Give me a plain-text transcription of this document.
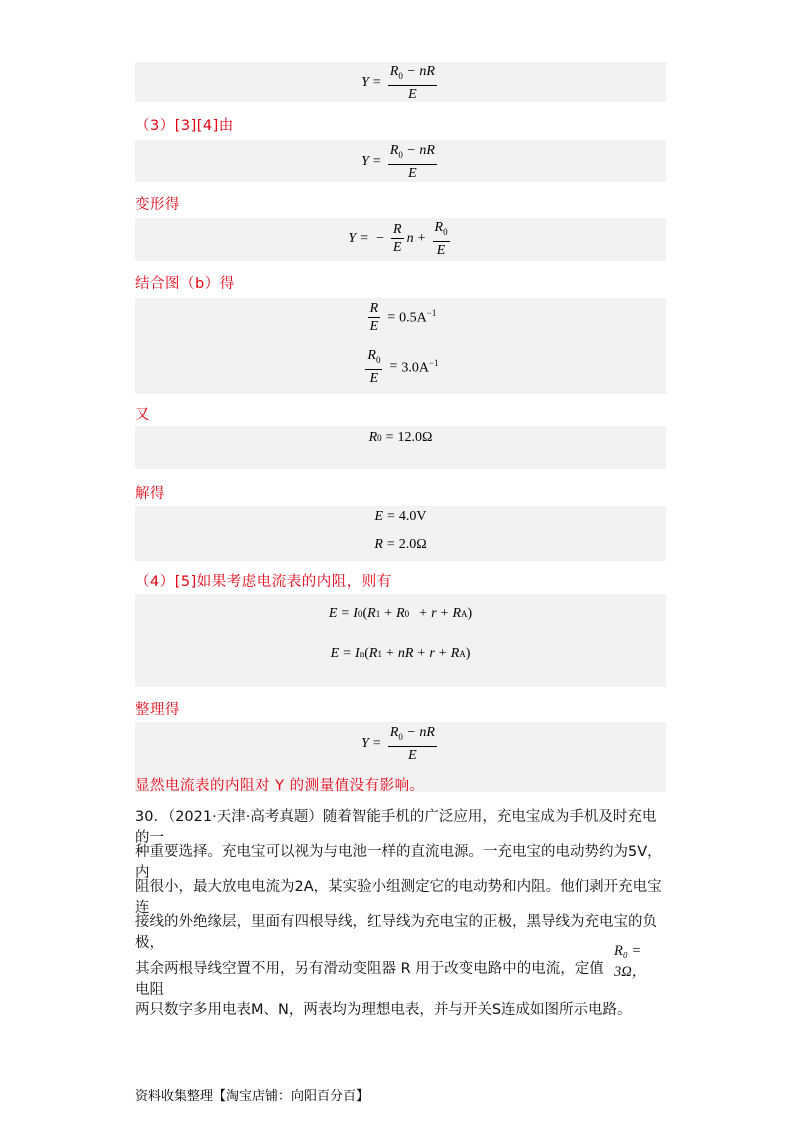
$Y = \frac{R_0 - nR}{E}$
（3）[3][4]由
$Y = \frac{R_0 - nR}{E}$
变形得
Y = − $\frac{R}{E}$ $n + \frac{R_0}{E}$
结合图（b）得
$\frac{R}{E} = 0.5A^{-1}$
$\frac{R_0}{E} = 3.0A^{-1}$
又
R 0 = 12.0Ω
解得
E = 4.0V
R = 2.0Ω
（4）[5]如果考虑电流表的内阻，则有
E = I 0 ( R 1 + R 0 + r + R A )
E = I n ( R 1 + nR + r + R A )
整理得
$Y = \frac{R_0 - nR}{E}$
显然电流表的内阻对 Y 的测量值没有影响。
30．（2021·天津·高考真题）随着智能手机的广泛应用，充电宝成为手机及时充电的一
种重要选择。充电宝可以视为与电池一样的直流电源。一充电宝的电动势约为5V，内
阻很小，最大放电电流为2A，某实验小组测定它的电动势和内阻。他们剥开充电宝连
接线的外绝缘层，里面有四根导线，红导线为充电宝的正极，黑导线为充电宝的负极，
其余两根导线空置不用，另有滑动变阻器 R 用于改变电路中的电流，定值电阻
R₀ = 3Ω，
两只数字多用电表M、N，两表均为理想电表，并与开关S连成如图所示电路。
资料收集整理【淘宝店铺：向阳百分百】
